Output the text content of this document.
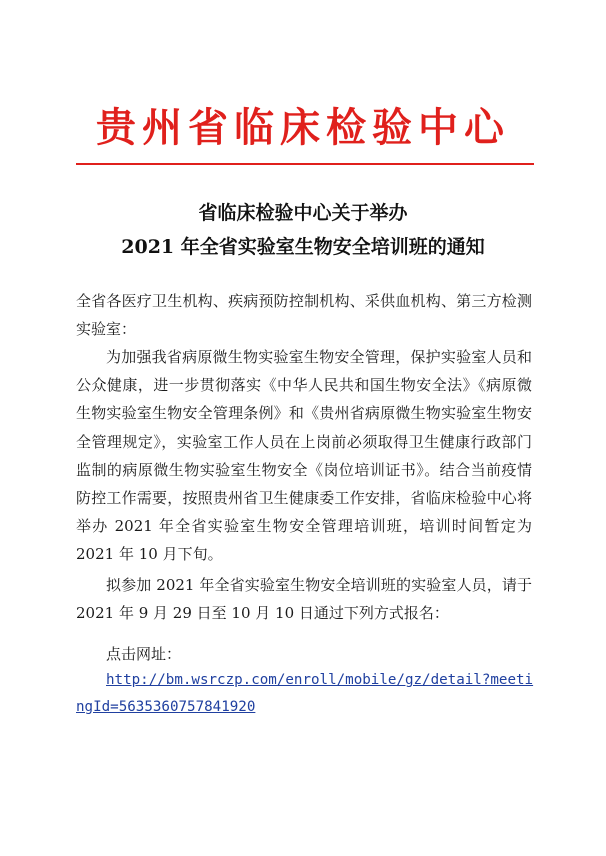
贵州省临床检验中心
省临床检验中心关于举办
2021 年全省实验室生物安全培训班的通知
全省各医疗卫生机构、疾病预防控制机构、采供血机构、第三方检测实验室：
为加强我省病原微生物实验室生物安全管理，保护实验室人员和公众健康，进一步贯彻落实《中华人民共和国生物安全法》《病原微生物实验室生物安全管理条例》和《贵州省病原微生物实验室生物安全管理规定》，实验室工作人员在上岗前必须取得卫生健康行政部门监制的病原微生物实验室生物安全《岗位培训证书》。结合当前疫情防控工作需要，按照贵州省卫生健康委工作安排，省临床检验中心将举办 2021 年全省实验室生物安全管理培训班，培训时间暂定为 2021 年 10 月下旬。
拟参加 2021 年全省实验室生物安全培训班的实验室人员，请于 2021 年 9 月 29 日至 10 月 10 日通过下列方式报名：
点击网址：
http://bm.wsrczp.com/enroll/mobile/gz/detail?meetingId=5635360757841920
